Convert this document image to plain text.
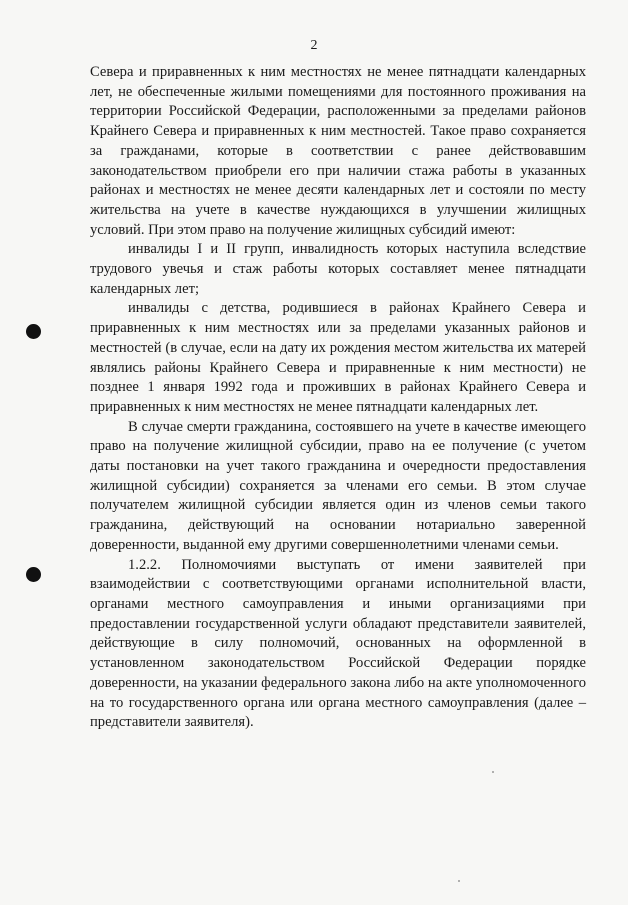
2

Севера и приравненных к ним местностях не менее пятнадцати календарных лет, не обеспеченные жилыми помещениями для постоянного проживания на территории Российской Федерации, расположенными за пределами районов Крайнего Севера и приравненных к ним местностей. Такое право сохраняется за гражданами, которые в соответствии с ранее действовавшим законодательством приобрели его при наличии стажа работы в указанных районах и местностях не менее десяти календарных лет и состояли по месту жительства на учете в качестве нуждающихся в улучшении жилищных условий. При этом право на получение жилищных субсидий имеют:

инвалиды I и II групп, инвалидность которых наступила вследствие трудового увечья и стаж работы которых составляет менее пятнадцати календарных лет;

инвалиды с детства, родившиеся в районах Крайнего Севера и приравненных к ним местностях или за пределами указанных районов и местностей (в случае, если на дату их рождения местом жительства их матерей являлись районы Крайнего Севера и приравненные к ним местности) не позднее 1 января 1992 года и проживших в районах Крайнего Севера и приравненных к ним местностях не менее пятнадцати календарных лет.

В случае смерти гражданина, состоявшего на учете в качестве имеющего право на получение жилищной субсидии, право на ее получение (с учетом даты постановки на учет такого гражданина и очередности предоставления жилищной субсидии) сохраняется за членами его семьи. В этом случае получателем жилищной субсидии является один из членов семьи такого гражданина, действующий на основании нотариально заверенной доверенности, выданной ему другими совершеннолетними членами семьи.

1.2.2. Полномочиями выступать от имени заявителей при взаимодействии с соответствующими органами исполнительной власти, органами местного самоуправления и иными организациями при предоставлении государственной услуги обладают представители заявителей, действующие в силу полномочий, основанных на оформленной в установленном законодательством Российской Федерации порядке доверенности, на указании федерального закона либо на акте уполномоченного на то государственного органа или органа местного самоуправления (далее – представители заявителя).
